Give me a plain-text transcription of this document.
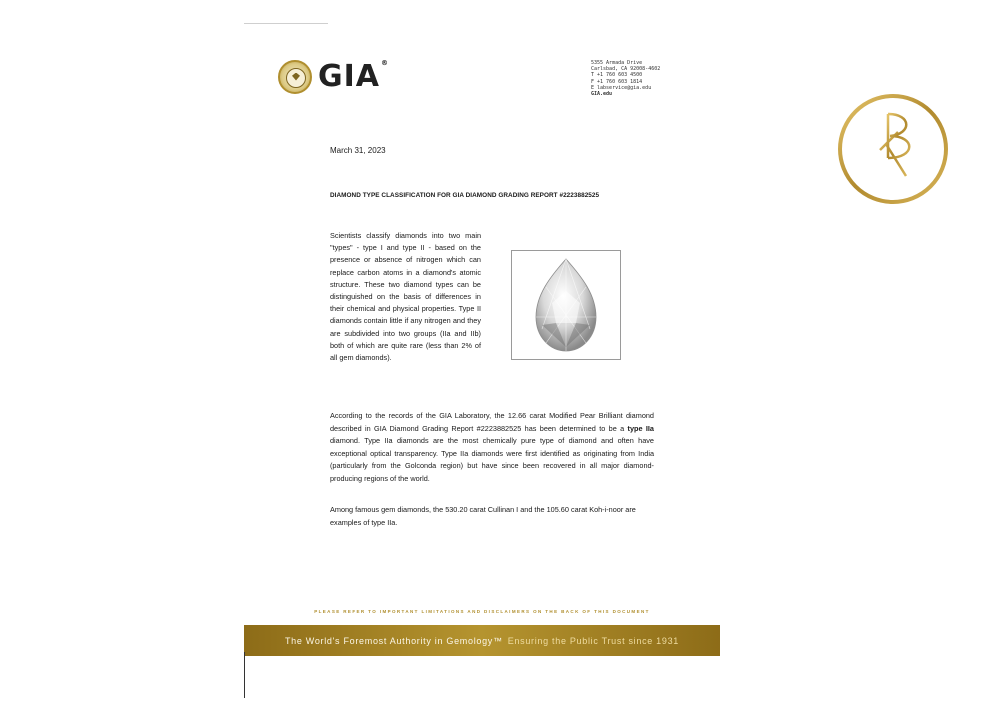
GIA®	5355 Armada Drive
Carlsbad, CA 92008-4602
T +1 760 603 4500
F +1 760 603 1814
E labservice@gia.edu
GIA.edu
March 31, 2023
DIAMOND TYPE CLASSIFICATION FOR GIA DIAMOND GRADING REPORT #2223882525
Scientists classify diamonds into two main "types" - type I and type II - based on the presence or absence of nitrogen which can replace carbon atoms in a diamond's atomic structure. These two diamond types can be distinguished on the basis of differences in their chemical and physical properties. Type II diamonds contain little if any nitrogen and they are subdivided into two groups (IIa and IIb) both of which are quite rare (less than 2% of all gem diamonds).
According to the records of the GIA Laboratory, the 12.66 carat Modified Pear Brilliant diamond described in GIA Diamond Grading Report #2223882525 has been determined to be a type IIa diamond. Type IIa diamonds are the most chemically pure type of diamond and often have exceptional optical transparency. Type IIa diamonds were first identified as originating from India (particularly from the Golconda region) but have since been recovered in all major diamond-producing regions of the world.
Among famous gem diamonds, the 530.20 carat Cullinan I and the 105.60 carat Koh-i-noor are examples of type IIa.
PLEASE REFER TO IMPORTANT LIMITATIONS AND DISCLAIMERS ON THE BACK OF THIS DOCUMENT
The World's Foremost Authority in Gemology™ Ensuring the Public Trust since 1931
